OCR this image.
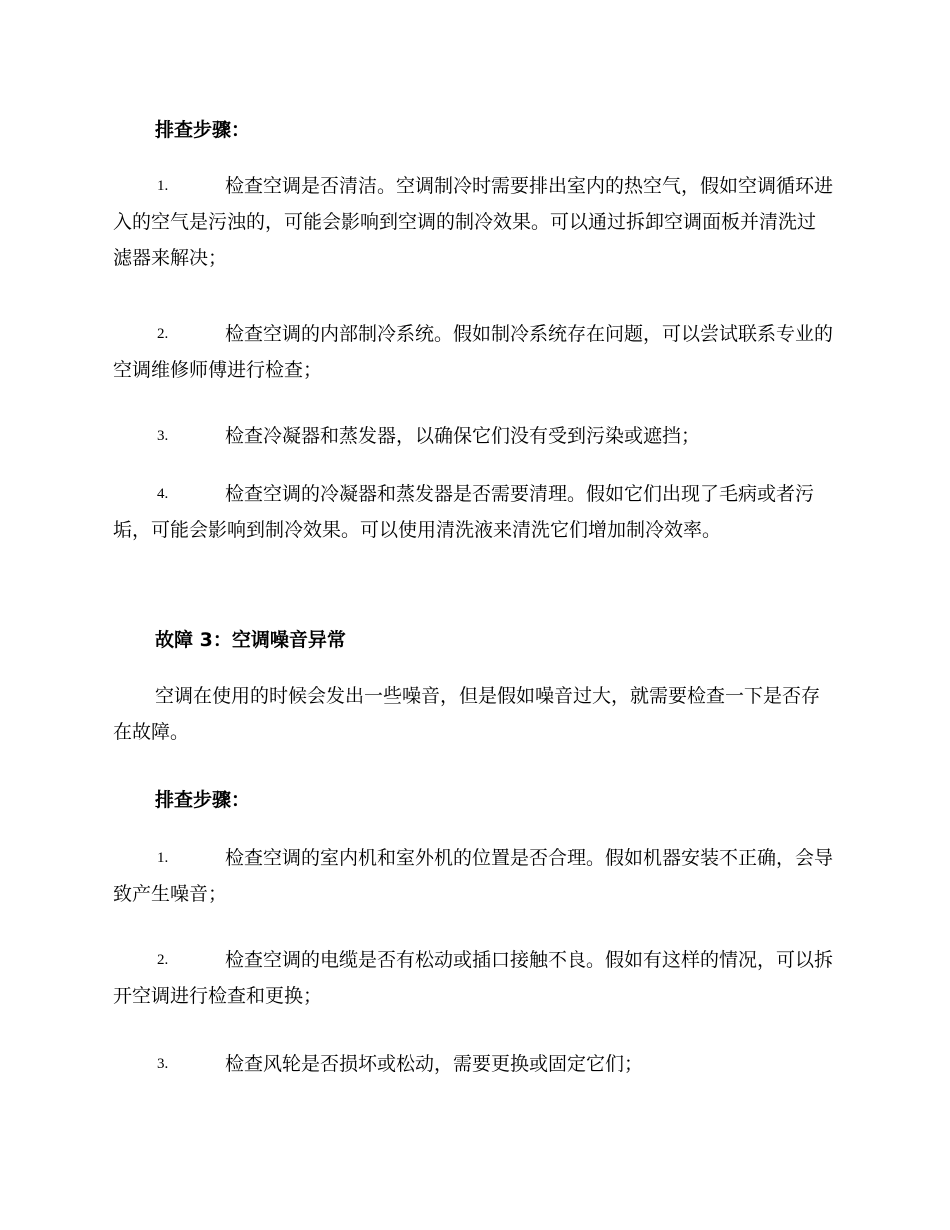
排查步骤：
1.	检查空调是否清洁。空调制冷时需要排出室内的热空气，假如空调循环进入的空气是污浊的，可能会影响到空调的制冷效果。可以通过拆卸空调面板并清洗过滤器来解决；
2.	检查空调的内部制冷系统。假如制冷系统存在问题，可以尝试联系专业的空调维修师傅进行检查；
3.	检查冷凝器和蒸发器，以确保它们没有受到污染或遮挡；
4.	检查空调的冷凝器和蒸发器是否需要清理。假如它们出现了毛病或者污垢，可能会影响到制冷效果。可以使用清洗液来清洗它们增加制冷效率。
故障 3：空调噪音异常
空调在使用的时候会发出一些噪音，但是假如噪音过大，就需要检查一下是否存在故障。
排查步骤：
1.	检查空调的室内机和室外机的位置是否合理。假如机器安装不正确，会导致产生噪音；
2.	检查空调的电缆是否有松动或插口接触不良。假如有这样的情况，可以拆开空调进行检查和更换；
3.	检查风轮是否损坏或松动，需要更换或固定它们；
